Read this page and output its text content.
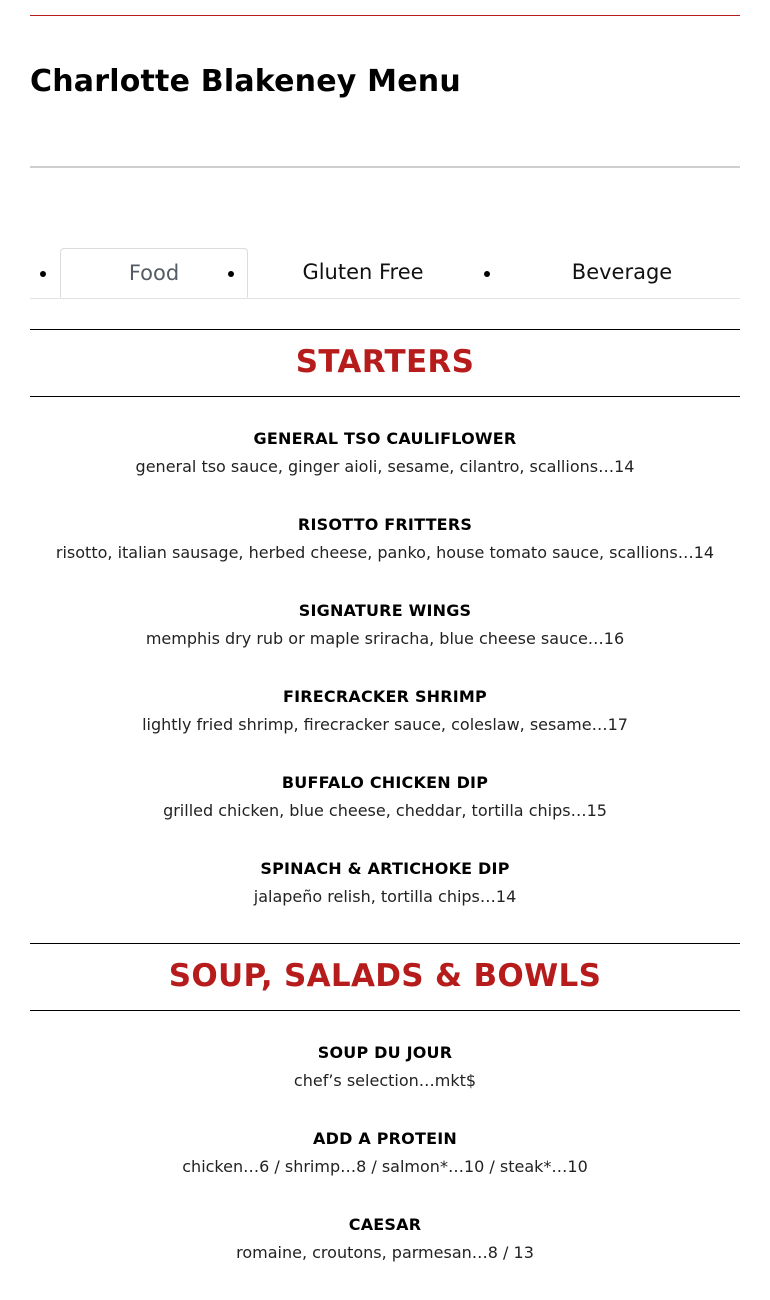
Charlotte Blakeney Menu
Food	Gluten Free	Beverage
STARTERS
GENERAL TSO CAULIFLOWER
general tso sauce, ginger aioli, sesame, cilantro, scallions…14
RISOTTO FRITTERS
risotto, italian sausage, herbed cheese, panko, house tomato sauce, scallions…14
SIGNATURE WINGS
memphis dry rub or maple sriracha, blue cheese sauce…16
FIRECRACKER SHRIMP
lightly fried shrimp, firecracker sauce, coleslaw, sesame…17
BUFFALO CHICKEN DIP
grilled chicken, blue cheese, cheddar, tortilla chips…15
SPINACH & ARTICHOKE DIP
jalapeño relish, tortilla chips…14
SOUP, SALADS & BOWLS
SOUP DU JOUR
chef’s selection…mkt$
ADD A PROTEIN
chicken…6 / shrimp…8 / salmon*…10 / steak*…10
CAESAR
romaine, croutons, parmesan…8 / 13
